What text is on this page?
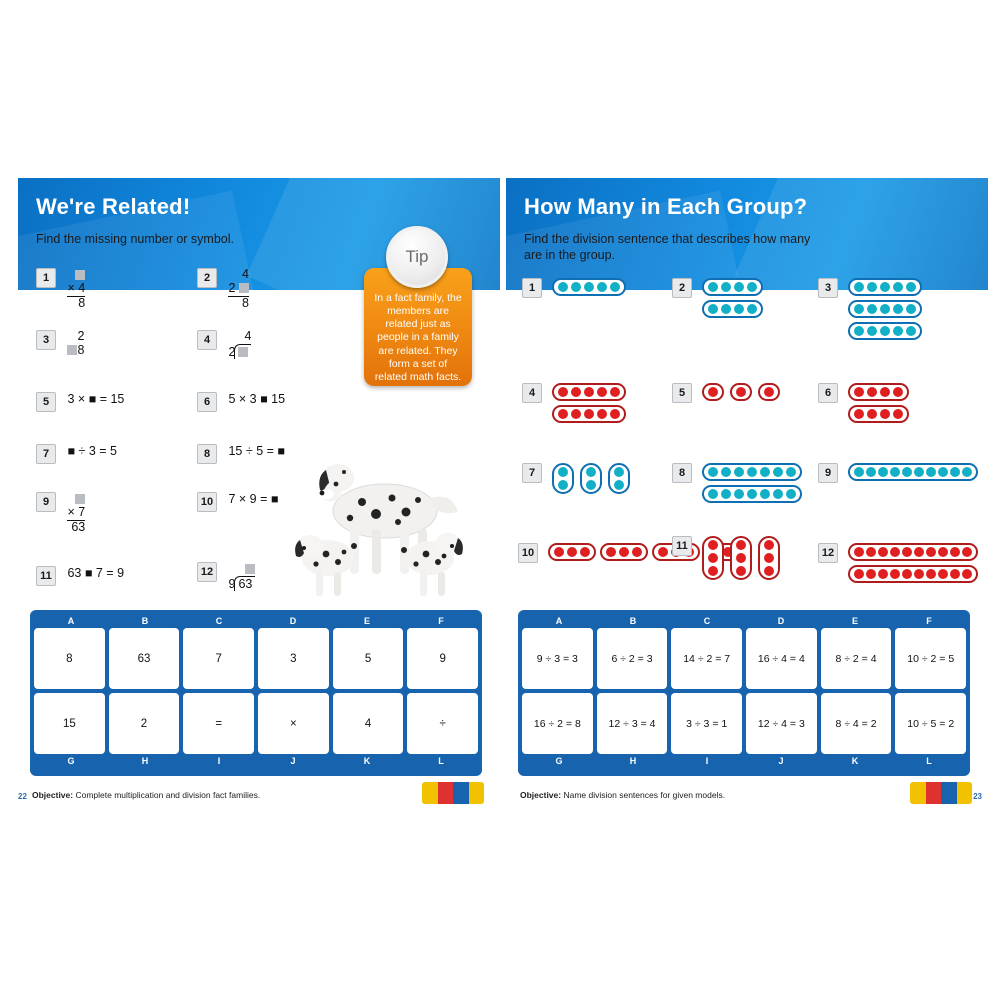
We're Related!
Find the missing number or symbol.
$1 \frac{\times 4}{8}$	2	4
2
8
3	2
8
4	4
2
5 3 × ■ = 15	6 5 × 3 ■ 15
7 ■ ÷ 3 = 5	8 15 ÷ 5 = ■
$9 \frac{\times 7}{63}$	10 7 × 9 = ■
11 63 ■ 7 = 9	12
9 63
In a fact family, the members are related just as people in a family are related. They form a set of related math facts.
Tip
A	B	C	D	E	F
8	63	7	3	5	9
15	2	=	×	4	÷
G	H	I	J	K	L
Objective: Complete multiplication and division fact families.
22
How Many in Each Group?
Find the division sentence that describes how many are in the group.
1	2	3
4	5	6
7	8	9
10
11
12
A	B	C	D	E	F
9 ÷ 3 = 3	6 ÷ 2 = 3	14 ÷ 2 = 7	16 ÷ 4 = 4	8 ÷ 2 = 4	10 ÷ 2 = 5
16 ÷ 2 = 8	12 ÷ 3 = 4	3 ÷ 3 = 1	12 ÷ 4 = 3	8 ÷ 4 = 2	10 ÷ 5 = 2
G	H	I	J	K	L
Objective: Name division sentences for given models.	23
